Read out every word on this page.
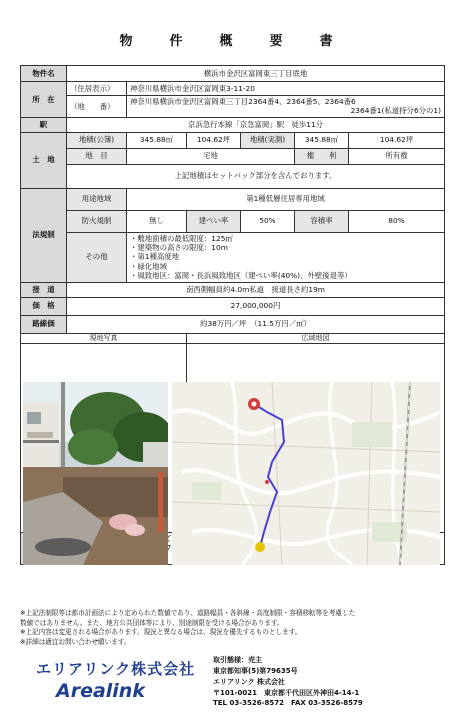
物　件　概　要　書
物件名	横浜市金沢区富岡東三丁目底地					
所　在	（住居表示）	神奈川県横浜市金沢区富岡東3-11-20				
	（地　　番）	神奈川県横浜市金沢区富岡東三丁目2364番4、2364番5、2364番6
2364番1(私道持分6分の1)				

駅	京浜急行本線「京急富岡」駅　徒歩11分					
土　地	地積(公簿)	345.88㎡	104.62坪	地積(実測)	345.88㎡	104.62坪
	地　目	宅地			権　　利	所有権
	上記地積はセットバック部分を含んでおります。					
法規制	用途地域	第1種低層住居専用地域				
	防火規制	無し	建ぺい率	50%	容積率	80%
	その他	・敷地面積の最低限度：125㎡
・建築物の高さの限度：10m
・第1種高度地
・緑化地域
・風致地区：富岡・長浜風致地区（建ぺい率(40%)、外壁後退等）				

接　道	南西側幅員約4.0m私道　接道長さ約19m					
価　格	27,000,000円					
路線価	約38万円／坪　（11.5万円／㎡）					
現地写真			広域地図			

※上記法制限等は都市計画法により定められた数値であり、道路幅員・各斜線・高度制限・容積移転等を考慮した
数値ではありません。また、地方公共団体等により、別途制限を受ける場合があります。
※上記内容は変更される場合があります。現況と異なる場合は、現況を優先するものとします。
※詳細は適宜お問い合わせ願います。
エリアリンク株式会社
Arealink
取引態様：売主
東京都知事(5)第79635号
エリアリンク 株式会社
〒101-0021　東京都千代田区外神田4-14-1
TEL 03-3526-8572　FAX 03-3526-8579
